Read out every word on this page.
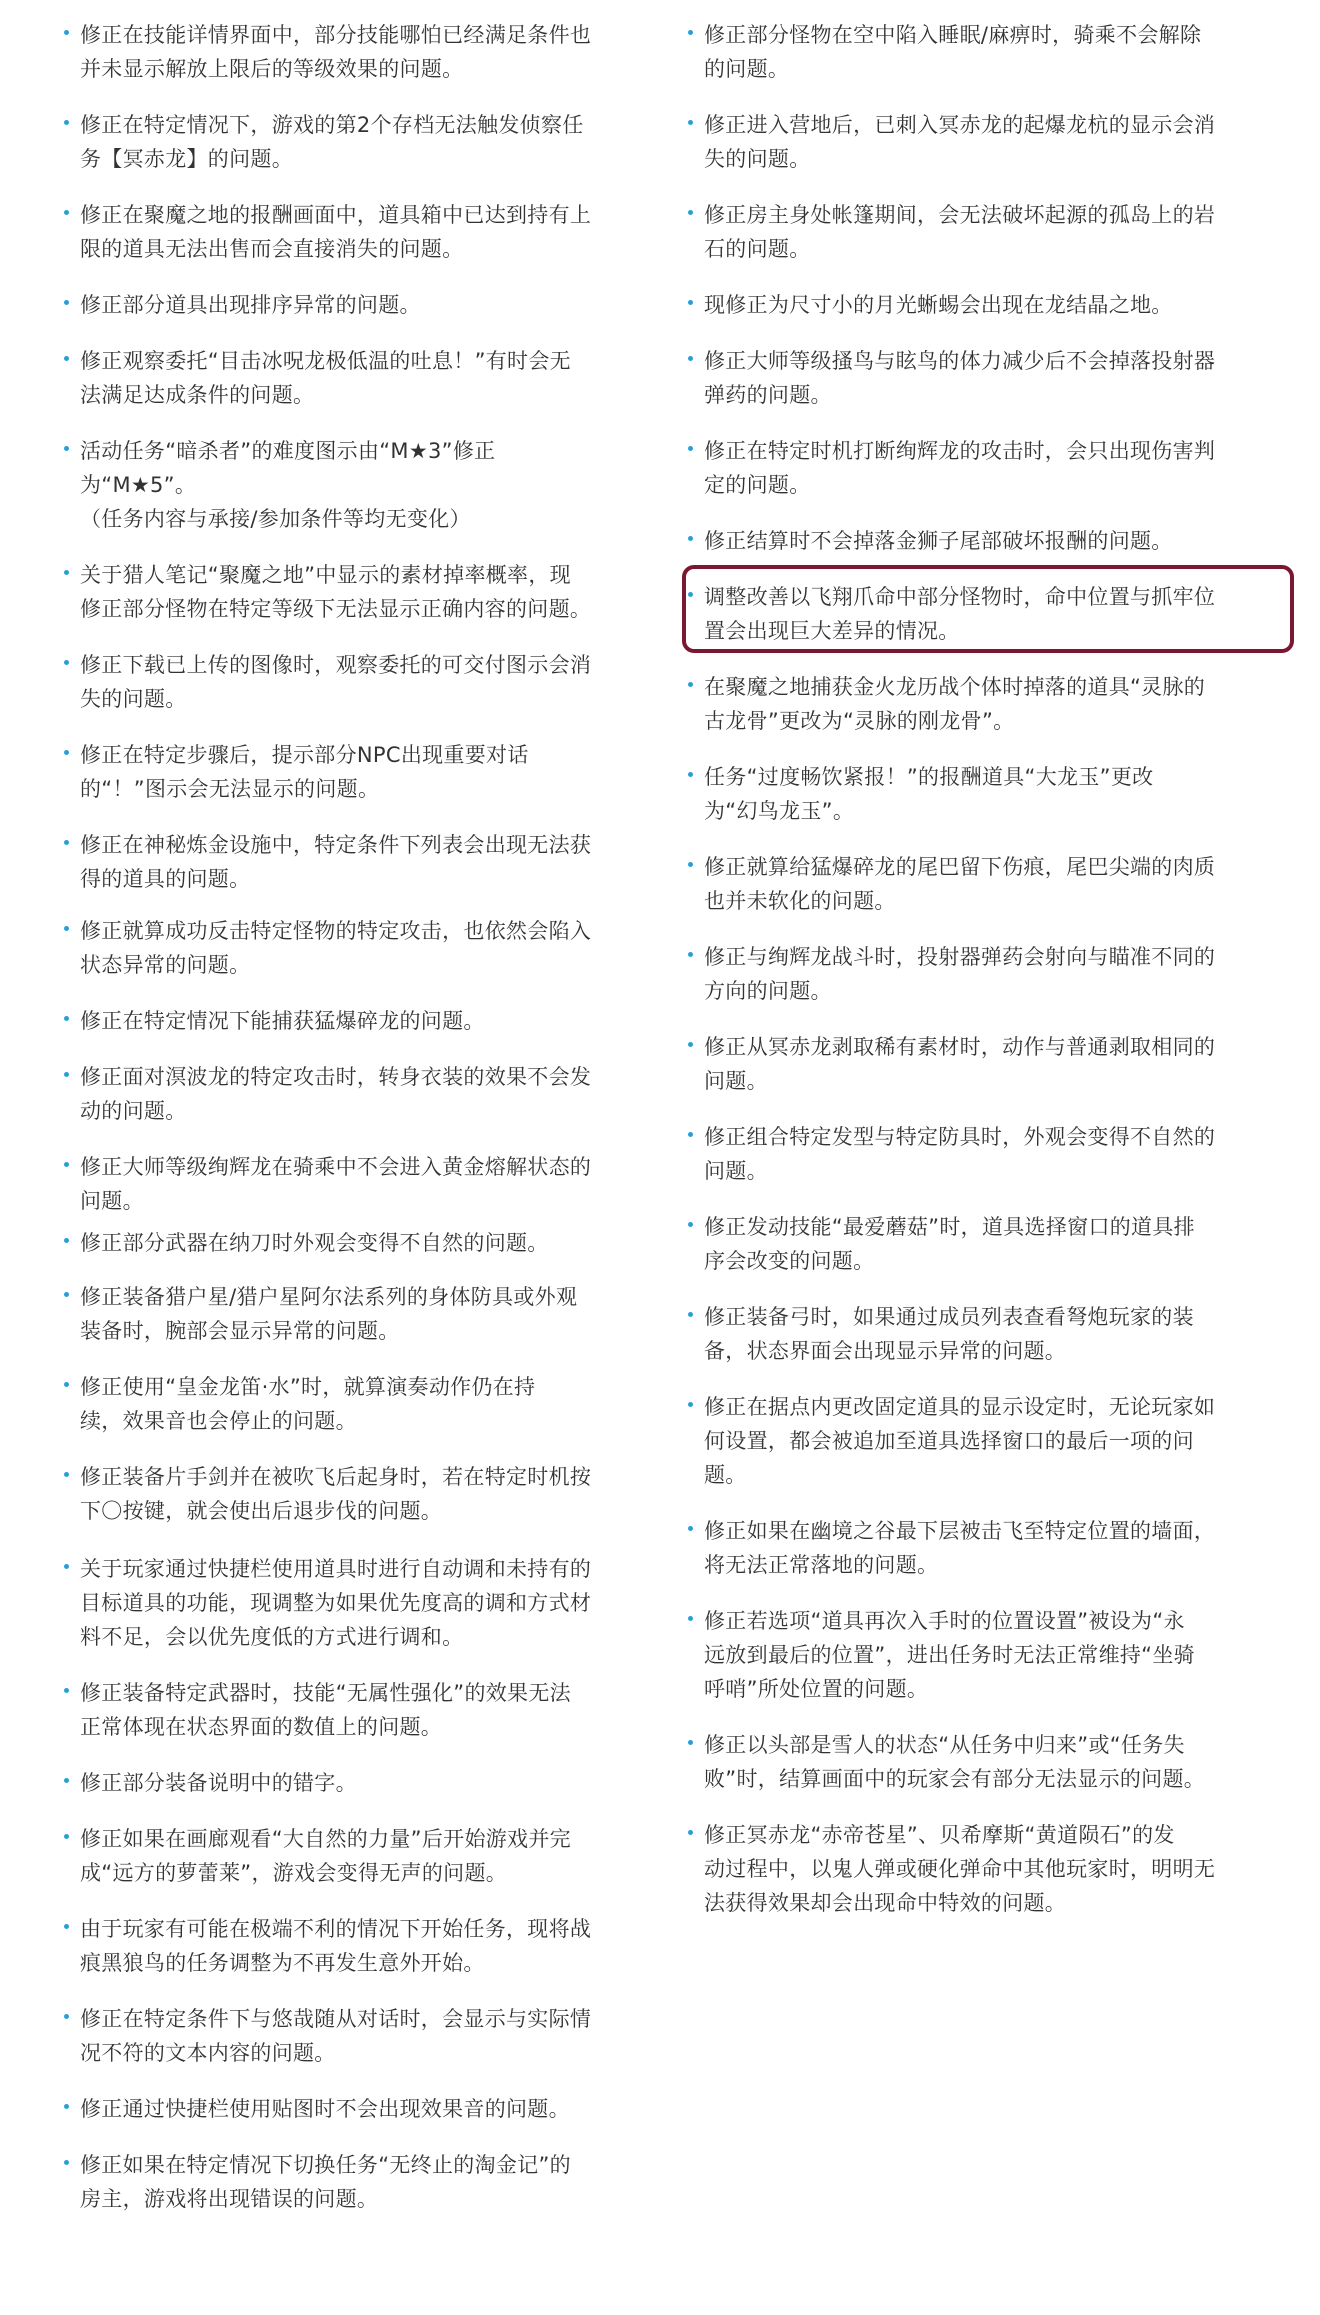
修正在技能详情界面中，部分技能哪怕已经满足条件也
并未显示解放上限后的等级效果的问题。
修正在特定情况下，游戏的第2个存档无法触发侦察任
务【冥赤龙】的问题。
修正在聚魔之地的报酬画面中，道具箱中已达到持有上
限的道具无法出售而会直接消失的问题。
修正部分道具出现排序异常的问题。
修正观察委托“目击冰呪龙极低温的吐息！”有时会无
法满足达成条件的问题。
活动任务“暗杀者”的难度图示由“M★3”修正
为“M★5”。
（任务内容与承接/参加条件等均无变化）
关于猎人笔记“聚魔之地”中显示的素材掉率概率，现
修正部分怪物在特定等级下无法显示正确内容的问题。
修正下载已上传的图像时，观察委托的可交付图示会消
失的问题。
修正在特定步骤后，提示部分NPC出现重要对话
的“！”图示会无法显示的问题。
修正在神秘炼金设施中，特定条件下列表会出现无法获
得的道具的问题。
修正就算成功反击特定怪物的特定攻击，也依然会陷入
状态异常的问题。
修正在特定情况下能捕获猛爆碎龙的问题。
修正面对溟波龙的特定攻击时，转身衣装的效果不会发
动的问题。
修正大师等级绚辉龙在骑乘中不会进入黄金熔解状态的
问题。
修正部分武器在纳刀时外观会变得不自然的问题。
修正装备猎户星/猎户星阿尔法系列的身体防具或外观
装备时，腕部会显示异常的问题。
修正使用“皇金龙笛·水”时，就算演奏动作仍在持
续，效果音也会停止的问题。
修正装备片手剑并在被吹飞后起身时，若在特定时机按
下〇按键，就会使出后退步伐的问题。
关于玩家通过快捷栏使用道具时进行自动调和未持有的
目标道具的功能，现调整为如果优先度高的调和方式材
料不足，会以优先度低的方式进行调和。
修正装备特定武器时，技能“无属性强化”的效果无法
正常体现在状态界面的数值上的问题。
修正部分装备说明中的错字。
修正如果在画廊观看“大自然的力量”后开始游戏并完
成“远方的萝蕾莱”，游戏会变得无声的问题。
由于玩家有可能在极端不利的情况下开始任务，现将战
痕黑狼鸟的任务调整为不再发生意外开始。
修正在特定条件下与悠哉随从对话时，会显示与实际情
况不符的文本内容的问题。
修正通过快捷栏使用贴图时不会出现效果音的问题。
修正如果在特定情况下切换任务“无终止的淘金记”的
房主，游戏将出现错误的问题。
修正部分怪物在空中陷入睡眠/麻痹时，骑乘不会解除
的问题。
修正进入营地后，已刺入冥赤龙的起爆龙杭的显示会消
失的问题。
修正房主身处帐篷期间，会无法破坏起源的孤岛上的岩
石的问题。
现修正为尺寸小的月光蜥蜴会出现在龙结晶之地。
修正大师等级搔鸟与眩鸟的体力减少后不会掉落投射器
弹药的问题。
修正在特定时机打断绚辉龙的攻击时，会只出现伤害判
定的问题。
修正结算时不会掉落金狮子尾部破坏报酬的问题。
调整改善以飞翔爪命中部分怪物时，命中位置与抓牢位
置会出现巨大差异的情况。
在聚魔之地捕获金火龙历战个体时掉落的道具“灵脉的
古龙骨”更改为“灵脉的刚龙骨”。
任务“过度畅饮紧报！”的报酬道具“大龙玉”更改
为“幻鸟龙玉”。
修正就算给猛爆碎龙的尾巴留下伤痕，尾巴尖端的肉质
也并未软化的问题。
修正与绚辉龙战斗时，投射器弹药会射向与瞄准不同的
方向的问题。
修正从冥赤龙剥取稀有素材时，动作与普通剥取相同的
问题。
修正组合特定发型与特定防具时，外观会变得不自然的
问题。
修正发动技能“最爱蘑菇”时，道具选择窗口的道具排
序会改变的问题。
修正装备弓时，如果通过成员列表查看弩炮玩家的装
备，状态界面会出现显示异常的问题。
修正在据点内更改固定道具的显示设定时，无论玩家如
何设置，都会被追加至道具选择窗口的最后一项的问
题。
修正如果在幽境之谷最下层被击飞至特定位置的墙面，
将无法正常落地的问题。
修正若选项“道具再次入手时的位置设置”被设为“永
远放到最后的位置”，进出任务时无法正常维持“坐骑
呼哨”所处位置的问题。
修正以头部是雪人的状态“从任务中归来”或“任务失
败”时，结算画面中的玩家会有部分无法显示的问题。
修正冥赤龙“赤帝苍星”、贝希摩斯“黄道陨石”的发
动过程中，以鬼人弹或硬化弹命中其他玩家时，明明无
法获得效果却会出现命中特效的问题。
